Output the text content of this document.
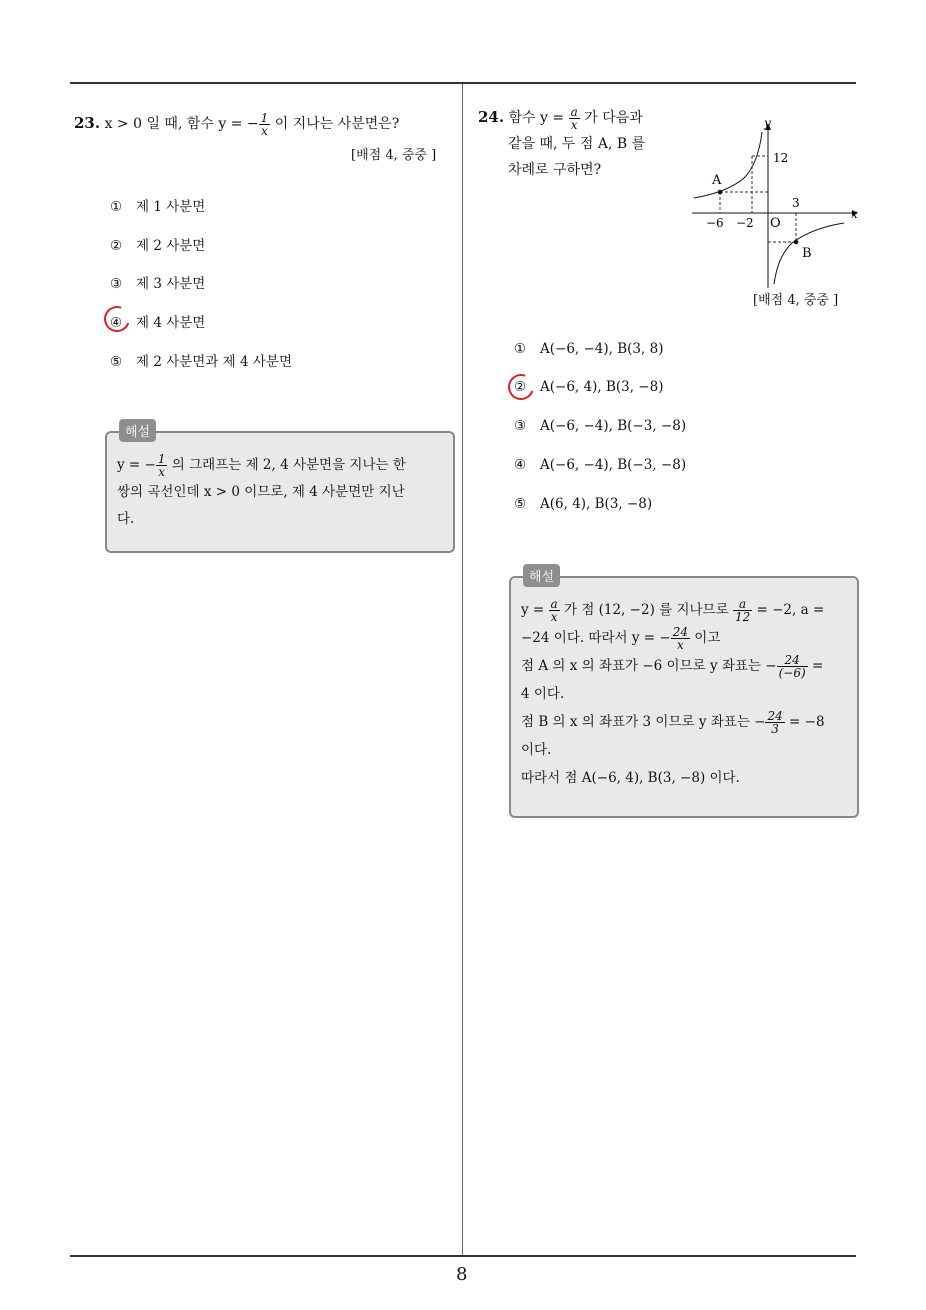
8
23. x > 0 일 때, 함수 y = − $\frac{1}{x}$ 이 지나는 사분면은?
[배점 4, 중중 ]
① 제 1 사분면
② 제 2 사분면
③ 제 3 사분면
④ 제 4 사분면
⑤ 제 2 사분면과 제 4 사분면
해설
y = − $\frac{1}{x}$ 의 그래프는 제 2, 4 사분면을 지나는 한
쌍의 곡선인데 x > 0 이므로, 제 4 사분면만 지난
다.
24. 함수 $y = \frac{a}{x}$ 가 다음과
같을 때, 두 점 A, B 를
차례로 구하면?
y
x
O
A
B
12
3
−6 −2
[배점 4, 중중 ]
① A(−6, −4), B(3, 8)
② A(−6, 4), B(3, −8)
③ A(−6, −4), B(−3, −8)
④ A(−6, −4), B(−3, −8)
⑤ A(6, 4), B(3, −8)
해설
$y = \frac{a}{x}$ 가 점 (12, −2) 를 지나므로 $\frac{a}{12} = -2$, a =
−24 이다. 따라서 y = − $\frac{24}{x}$ 이고
점 A 의 x 의 좌표가 −6 이므로 y 좌표는 − $\frac{24}{(-6)}$ =
4 이다.
점 B 의 x 의 좌표가 3 이므로 y 좌표는 − $\frac{24}{3} = -8$
이다.
따라서 점 A(−6, 4), B(3, −8) 이다.
